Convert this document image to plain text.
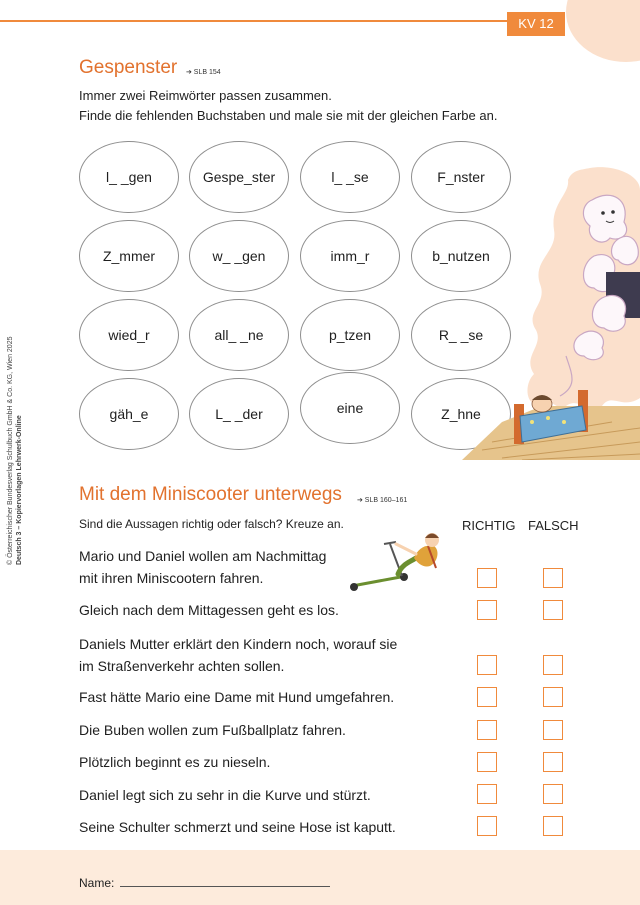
KV 12
© Österreichischer Bundesverlag Schulbuch GmbH & Co. KG, Wien 2025 Deutsch 3 – Kopiervorlagen Lehrwerk-Online
Gespenster ➔ SLB 154
Immer zwei Reimwörter passen zusammen.
Finde die fehlenden Buchstaben und male sie mit der gleichen Farbe an.
l_ _gen	Gespe_ster	l_ _se	F_nster
Z_mmer	w_ _gen	imm_r	b_nutzen
wied_r	all_ _ne	p_tzen	R_ _se
gäh_e	L_ _der	eine	Z_hne
Mit dem Miniscooter unterwegs ➔ SLB 160–161
Sind die Aussagen richtig oder falsch? Kreuze an.	RICHTIG FALSCH
Mario und Daniel wollen am Nachmittag
mit ihren Miniscootern fahren.
Gleich nach dem Mittagessen geht es los.
Daniels Mutter erklärt den Kindern noch, worauf sie
im Straßenverkehr achten sollen.
Fast hätte Mario eine Dame mit Hund umgefahren.
Die Buben wollen zum Fußballplatz fahren.
Plötzlich beginnt es zu nieseln.
Daniel legt sich zu sehr in die Kurve und stürzt.
Seine Schulter schmerzt und seine Hose ist kaputt.
Name:
